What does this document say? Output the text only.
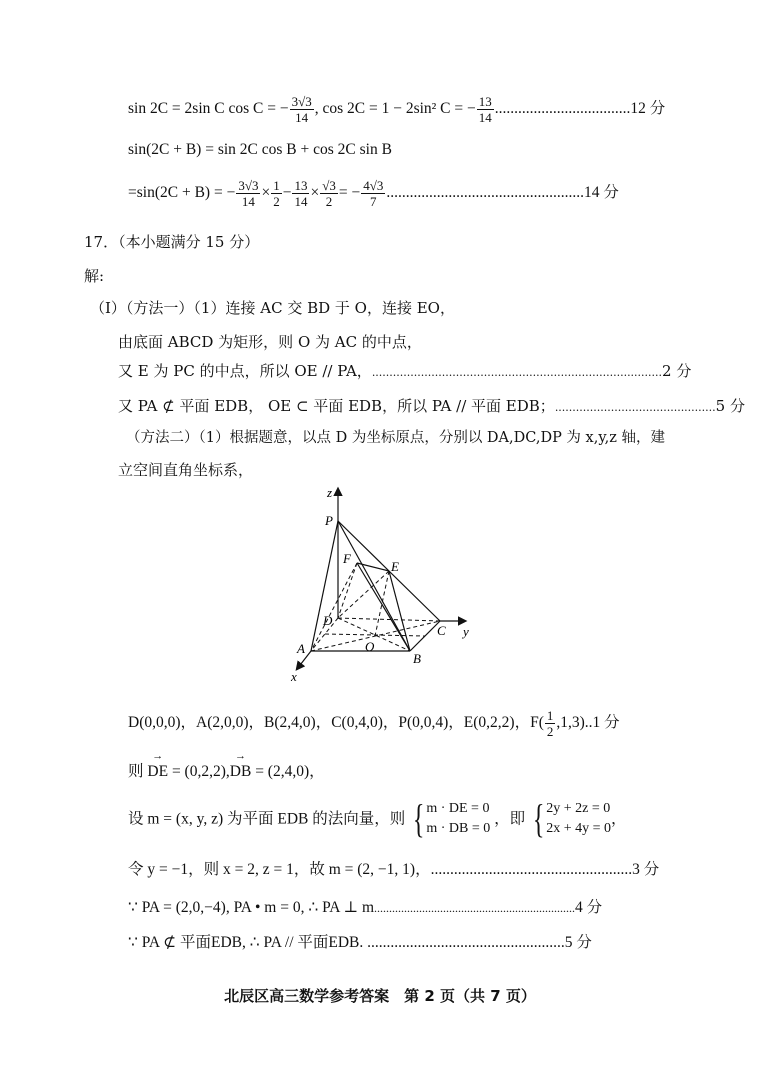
sin 2C = 2sin C cos C = − $\frac{3√3}{14}$ , cos 2C = 1 − 2sin² C = − $\frac{13}{14} ...................................12$ 分
sin(2C + B) = sin 2C cos B + cos 2C sin B
=sin(2C + B) = − $\frac{3√3}{14} \times \frac{1}{2} - \frac{13}{14} \times \frac{√3}{2}$ = − $\frac{4√3}{7} ...................................................14$ 分
17．（本小题满分 15 分）
解:
（Ⅰ）（方法一）（1）连接 AC 交 BD 于 O，连接 EO，
由底面 ABCD 为矩形，则 O 为 AC 的中点，
又 E 为 PC 的中点，所以 OE // PA，...................................................................................2 分
又 PA ⊄ 平面 EDB， OE ⊂ 平面 EDB，所以 PA // 平面 EDB；..............................................5 分
（方法二）（1）根据题意，以点 D 为坐标原点，分别以 DA,DC,DP 为 x,y,z 轴，建
立空间直角坐标系，
z
P
F
E
D
C y
A	O
B
x
D(0,0,0)，A(2,0,0)，B(2,4,0)，C(0,4,0)，P(0,0,4)，E(0,2,2)，$F( \frac{1}{2} ,1,3)..1$ 分
则 → DE = (0,2,2),→ DB = (2,4,0)，
设 m = (x, y, z) 为平面 EDB 的法向量，则 { m · DE = 0
m · DB = 0
，即 { 2y + 2z = 0
2x + 4y = 0
，
令 y = −1，则 x = 2, z = 1，故 m = (2, −1, 1)，....................................................3 分
∵ PA = (2,0,−4), PA • m = 0, ∴ PA ⊥ m...................................................................4 分
∵ PA ⊄ 平面EDB, ∴ PA // 平面EDB. ...................................................5 分
北辰区高三数学参考答案　第 2 页（共 7 页）
